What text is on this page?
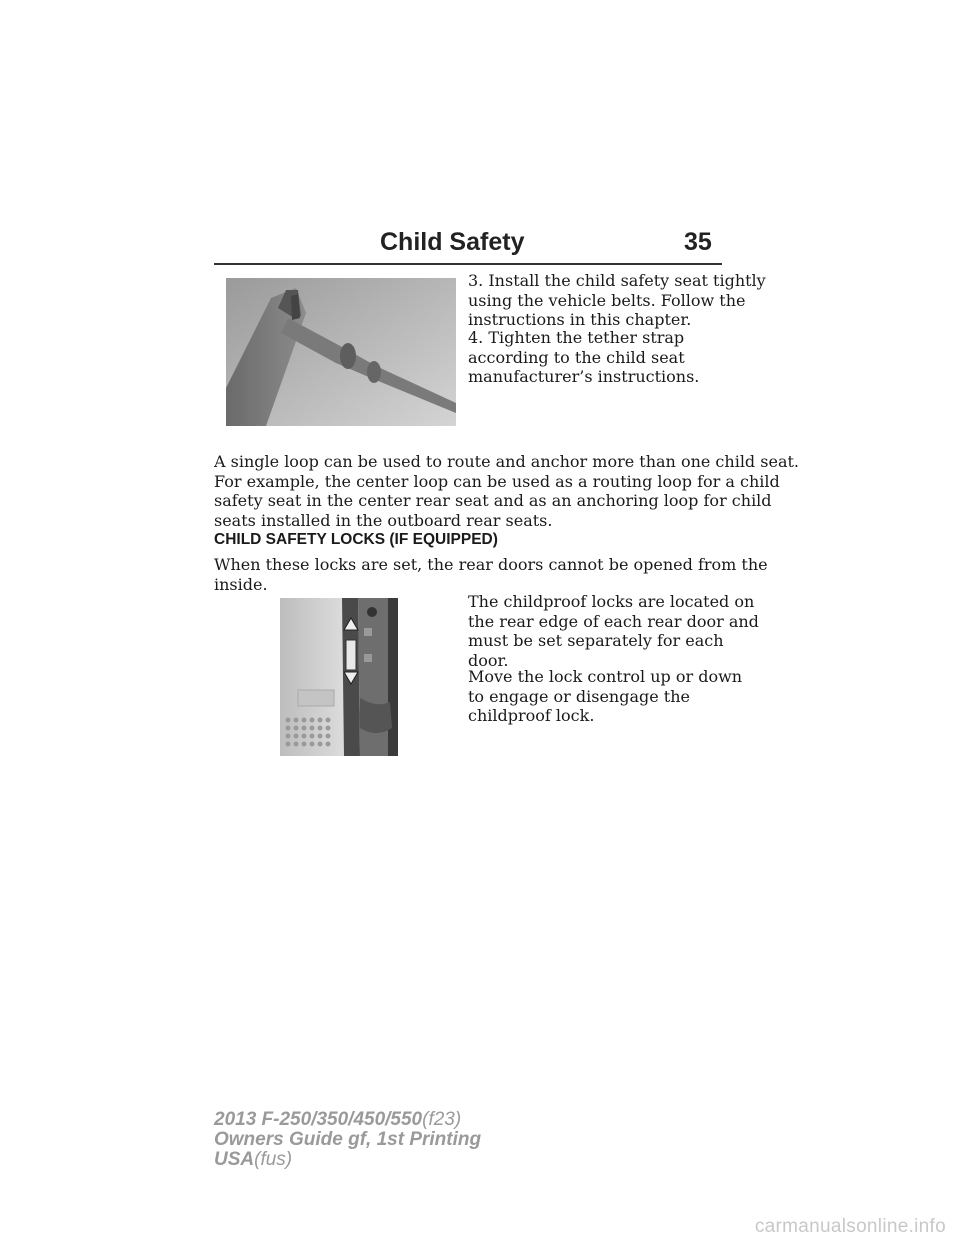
Child Safety	35

3. Install the child safety seat tightly
using the vehicle belts. Follow the
instructions in this chapter.

4. Tighten the tether strap
according to the child seat
manufacturer’s instructions.

A single loop can be used to route and anchor more than one child seat.
For example, the center loop can be used as a routing loop for a child
safety seat in the center rear seat and as an anchoring loop for child
seats installed in the outboard rear seats.

CHILD SAFETY LOCKS (IF EQUIPPED)

When these locks are set, the rear doors cannot be opened from the
inside.

The childproof locks are located on
the rear edge of each rear door and
must be set separately for each
door.

Move the lock control up or down
to engage or disengage the
childproof lock.

2013 F-250/350/450/550(f23)
Owners Guide gf, 1st Printing
USA(fus)
carmanualsonline.info
